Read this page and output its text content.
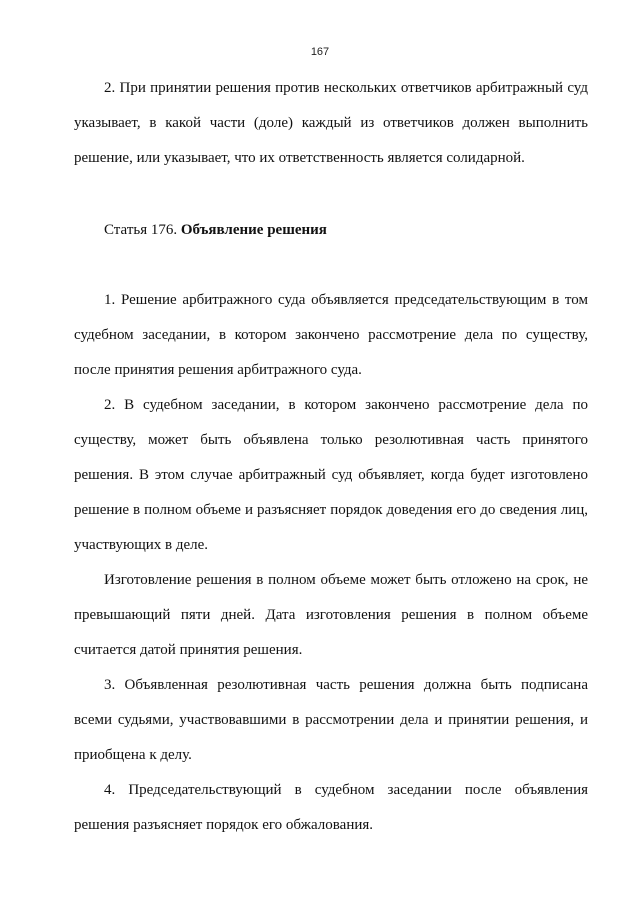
167

2. При принятии решения против нескольких ответчиков арбитражный суд указывает, в какой части (доле) каждый из ответчиков должен выполнить решение, или указывает, что их ответственность является солидарной.

Статья 176. Объявление решения

1. Решение арбитражного суда объявляется председательствующим в том судебном заседании, в котором закончено рассмотрение дела по существу, после принятия решения арбитражного суда.

2. В судебном заседании, в котором закончено рассмотрение дела по существу, может быть объявлена только резолютивная часть принятого решения. В этом случае арбитражный суд объявляет, когда будет изготовлено решение в полном объеме и разъясняет порядок доведения его до сведения лиц, участвующих в деле.

Изготовление решения в полном объеме может быть отложено на срок, не превышающий пяти дней. Дата изготовления решения в полном объеме считается датой принятия решения.

3. Объявленная резолютивная часть решения должна быть подписана всеми судьями, участвовавшими в рассмотрении дела и принятии решения, и приобщена к делу.

4. Председательствующий в судебном заседании после объявления решения разъясняет порядок его обжалования.
